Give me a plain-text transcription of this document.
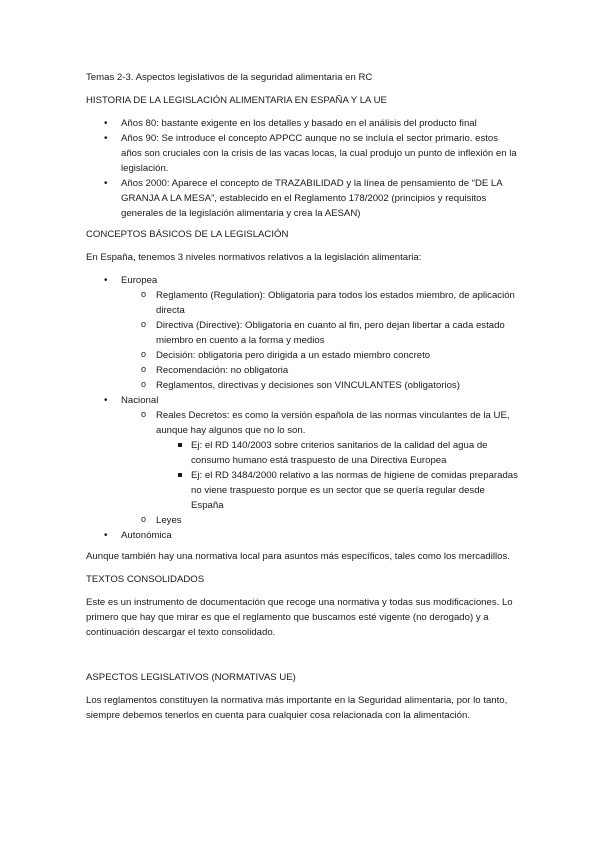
Temas 2-3. Aspectos legislativos de la seguridad alimentaria en RC

HISTORIA DE LA LEGISLACIÓN ALIMENTARIA EN ESPAÑA Y LA UE

• Años 80: bastante exigente en los detalles y basado en el análisis del producto final
• Años 90: Se introduce el concepto APPCC aunque no se incluía el sector primario. estos años son cruciales con la crisis de las vacas locas, la cual produjo un punto de inflexión en la legislación.
• Años 2000: Aparece el concepto de TRAZABILIDAD y la línea de pensamiento de “DE LA GRANJA A LA MESA”, establecido en el Reglamento 178/2002 (principios y requisitos generales de la legislación alimentaria y crea la AESAN)

CONCEPTOS BÁSICOS DE LA LEGISLACIÓN

En España, tenemos 3 niveles normativos relativos a la legislación alimentaria:

• Europea
o Reglamento (Regulation): Obligatoria para todos los estados miembro, de aplicación directa
o Directiva (Directive): Obligatoria en cuanto al fin, pero dejan libertar a cada estado miembro en cuento a la forma y medios
o Decisión: obligatoria pero dirigida a un estado miembro concreto
o Recomendación: no obligatoria
o Reglamentos, directivas y decisiones son VINCULANTES (obligatorios)
• Nacional
o Reales Decretos: es como la versión española de las normas vinculantes de la UE, aunque hay algunos que no lo son.
Ej: el RD 140/2003 sobre criterios sanitarios de la calidad del agua de consumo humano está traspuesto de una Directiva Europea
Ej: el RD 3484/2000 relativo a las normas de higiene de comidas preparadas no viene traspuesto porque es un sector que se quería regular desde España
o Leyes
• Autonómica

Aunque también hay una normativa local para asuntos más específicos, tales como los mercadillos.

TEXTOS CONSOLIDADOS

Este es un instrumento de documentación que recoge una normativa y todas sus modificaciones. Lo primero que hay que mirar es que el reglamento que buscamos esté vigente (no derogado) y a continuación descargar el texto consolidado.

ASPECTOS LEGISLATIVOS (NORMATIVAS UE)

Los reglamentos constituyen la normativa más importante en la Seguridad alimentaria, por lo tanto, siempre debemos tenerlos en cuenta para cualquier cosa relacionada con la alimentación.
